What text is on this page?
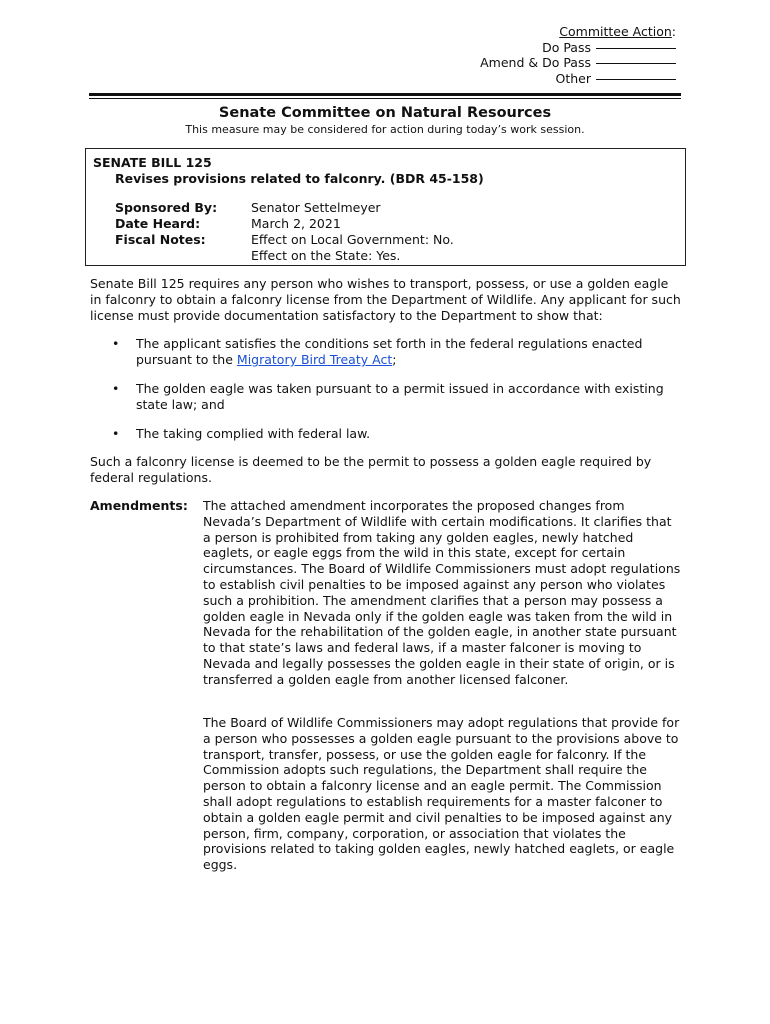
Committee Action:
Do Pass
Amend & Do Pass
Other
Senate Committee on Natural Resources
This measure may be considered for action during today’s work session.
SENATE BILL 125
Revises provisions related to falconry. (BDR 45-158)
Sponsored By:	Senator Settelmeyer
Date Heard:	March 2, 2021
Fiscal Notes:	Effect on Local Government: No.
Effect on the State: Yes.
Senate Bill 125 requires any person who wishes to transport, possess, or use a golden eagle in falconry to obtain a falconry license from the Department of Wildlife. Any applicant for such license must provide documentation satisfactory to the Department to show that:
• The applicant satisfies the conditions set forth in the federal regulations enacted pursuant to the Migratory Bird Treaty Act;
• The golden eagle was taken pursuant to a permit issued in accordance with existing state law; and
• The taking complied with federal law.
Such a falconry license is deemed to be the permit to possess a golden eagle required by federal regulations.
Amendments: The attached amendment incorporates the proposed changes from Nevada’s Department of Wildlife with certain modifications. It clarifies that a person is prohibited from taking any golden eagles, newly hatched eaglets, or eagle eggs from the wild in this state, except for certain circumstances. The Board of Wildlife Commissioners must adopt regulations to establish civil penalties to be imposed against any person who violates such a prohibition. The amendment clarifies that a person may possess a golden eagle in Nevada only if the golden eagle was taken from the wild in Nevada for the rehabilitation of the golden eagle, in another state pursuant to that state’s laws and federal laws, if a master falconer is moving to Nevada and legally possesses the golden eagle in their state of origin, or is transferred a golden eagle from another licensed falconer.
The Board of Wildlife Commissioners may adopt regulations that provide for a person who possesses a golden eagle pursuant to the provisions above to transport, transfer, possess, or use the golden eagle for falconry. If the Commission adopts such regulations, the Department shall require the person to obtain a falconry license and an eagle permit. The Commission shall adopt regulations to establish requirements for a master falconer to obtain a golden eagle permit and civil penalties to be imposed against any person, firm, company, corporation, or association that violates the provisions related to taking golden eagles, newly hatched eaglets, or eagle eggs.
